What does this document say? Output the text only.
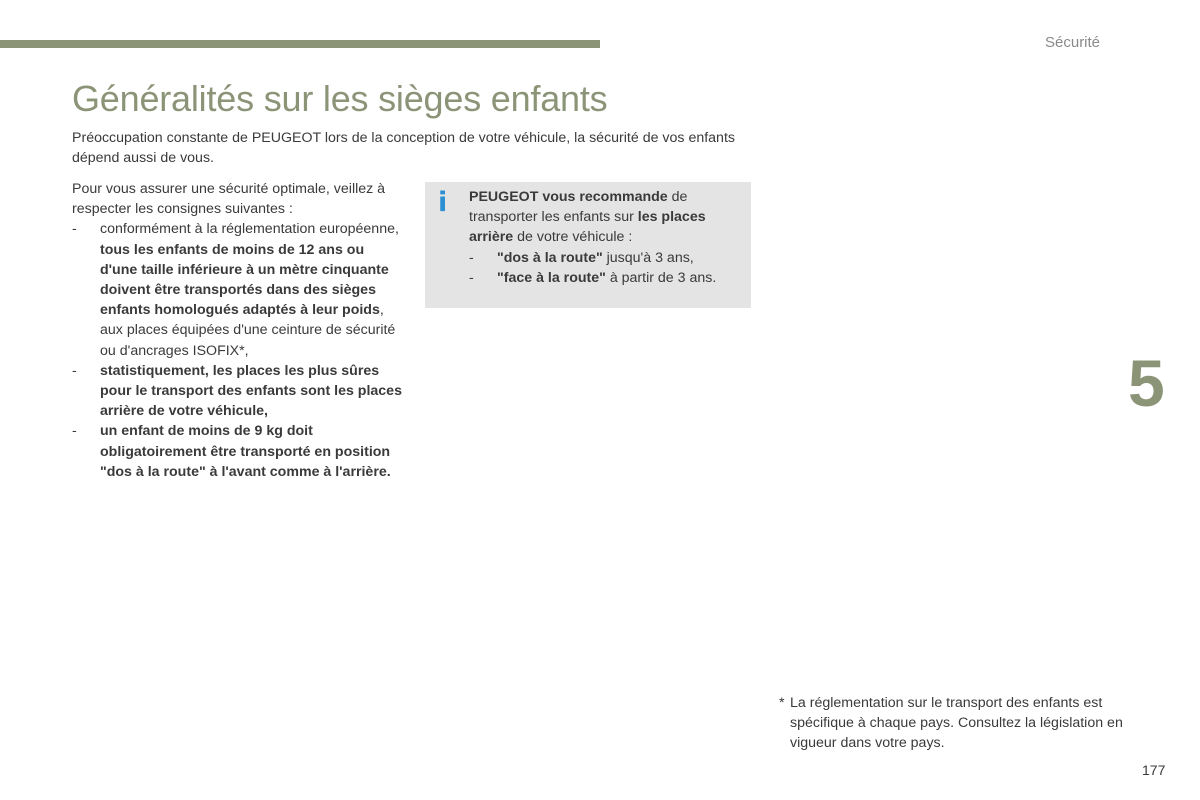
Sécurité
Généralités sur les sièges enfants

Préoccupation constante de PEUGEOT lors de la conception de votre véhicule, la sécurité de vos enfants dépend aussi de vous.

Pour vous assurer une sécurité optimale, veillez à respecter les consignes suivantes :

- conformément à la réglementation européenne, tous les enfants de moins de 12 ans ou d'une taille inférieure à un mètre cinquante doivent être transportés dans des sièges enfants homologués adaptés à leur poids, aux places équipées d'une ceinture de sécurité ou d'ancrages ISOFIX*,
- statistiquement, les places les plus sûres pour le transport des enfants sont les places arrière de votre véhicule,
- un enfant de moins de 9 kg doit obligatoirement être transporté en position "dos à la route" à l'avant comme à l'arrière.
i PEUGEOT vous recommande de transporter les enfants sur les places arrière de votre véhicule :

- "dos à la route" jusqu'à 3 ans,
- "face à la route" à partir de 3 ans.
5
* La réglementation sur le transport des enfants est spécifique à chaque pays. Consultez la législation en vigueur dans votre pays.
177
